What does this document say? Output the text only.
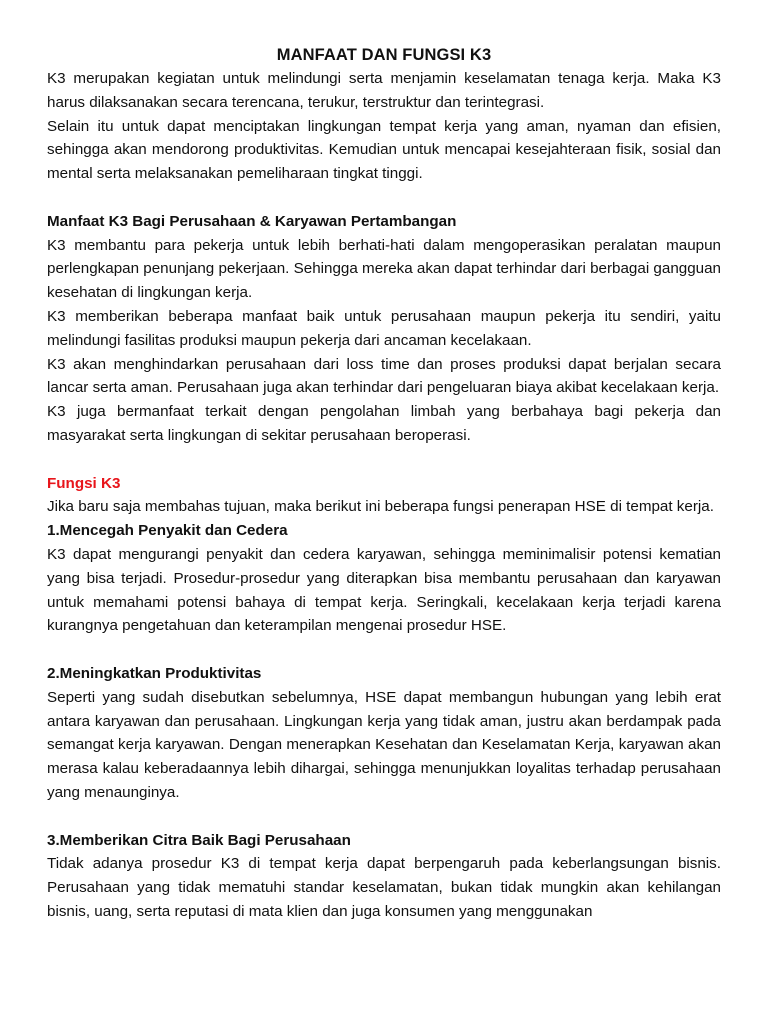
MANFAAT DAN FUNGSI K3

K3 merupakan kegiatan untuk melindungi serta menjamin keselamatan tenaga kerja. Maka K3 harus dilaksanakan secara terencana, terukur, terstruktur dan terintegrasi.

Selain itu untuk dapat menciptakan lingkungan tempat kerja yang aman, nyaman dan efisien, sehingga akan mendorong produktivitas. Kemudian untuk mencapai kesejahteraan fisik, sosial dan mental serta melaksanakan pemeliharaan tingkat tinggi.

Manfaat K3 Bagi Perusahaan & Karyawan Pertambangan

K3 membantu para pekerja untuk lebih berhati-hati dalam mengoperasikan peralatan maupun perlengkapan penunjang pekerjaan. Sehingga mereka akan dapat terhindar dari berbagai gangguan kesehatan di lingkungan kerja.

K3 memberikan beberapa manfaat baik untuk perusahaan maupun pekerja itu sendiri, yaitu melindungi fasilitas produksi maupun pekerja dari ancaman kecelakaan.

K3 akan menghindarkan perusahaan dari loss time dan proses produksi dapat berjalan secara lancar serta aman. Perusahaan juga akan terhindar dari pengeluaran biaya akibat kecelakaan kerja.

K3 juga bermanfaat terkait dengan pengolahan limbah yang berbahaya bagi pekerja dan masyarakat serta lingkungan di sekitar perusahaan beroperasi.

Fungsi K3

Jika baru saja membahas tujuan, maka berikut ini beberapa fungsi penerapan HSE di tempat kerja.

1.Mencegah Penyakit dan Cedera

K3 dapat mengurangi penyakit dan cedera karyawan, sehingga meminimalisir potensi kematian yang bisa terjadi. Prosedur-prosedur yang diterapkan bisa membantu perusahaan dan karyawan untuk memahami potensi bahaya di tempat kerja. Seringkali, kecelakaan kerja terjadi karena kurangnya pengetahuan dan keterampilan mengenai prosedur HSE.

2.Meningkatkan Produktivitas

Seperti yang sudah disebutkan sebelumnya, HSE dapat membangun hubungan yang lebih erat antara karyawan dan perusahaan. Lingkungan kerja yang tidak aman, justru akan berdampak pada semangat kerja karyawan. Dengan menerapkan Kesehatan dan Keselamatan Kerja, karyawan akan merasa kalau keberadaannya lebih dihargai, sehingga menunjukkan loyalitas terhadap perusahaan yang menaunginya.

3.Memberikan Citra Baik Bagi Perusahaan

Tidak adanya prosedur K3 di tempat kerja dapat berpengaruh pada keberlangsungan bisnis. Perusahaan yang tidak mematuhi standar keselamatan, bukan tidak mungkin akan kehilangan bisnis, uang, serta reputasi di mata klien dan juga konsumen yang menggunakan
